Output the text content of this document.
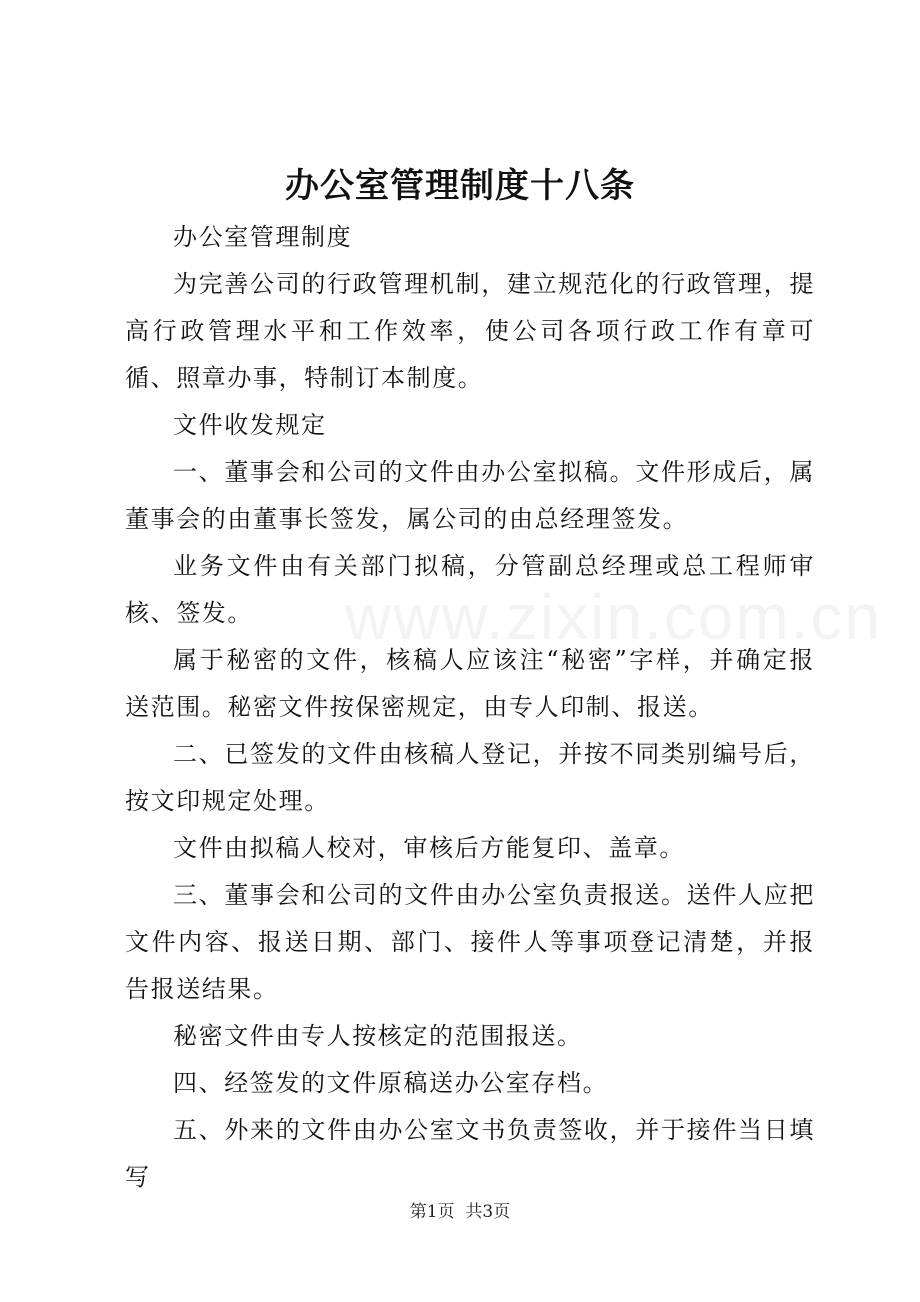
办公室管理制度十八条
www.zixin.com.cn

办公室管理制度

为完善公司的行政管理机制，建立规范化的行政管理，提高行政管理水平和工作效率，使公司各项行政工作有章可循、照章办事，特制订本制度。

文件收发规定

一、董事会和公司的文件由办公室拟稿。文件形成后，属董事会的由董事长签发，属公司的由总经理签发。

业务文件由有关部门拟稿，分管副总经理或总工程师审核、签发。

属于秘密的文件，核稿人应该注“秘密”字样，并确定报送范围。秘密文件按保密规定，由专人印制、报送。

二、已签发的文件由核稿人登记，并按不同类别编号后，按文印规定处理。

文件由拟稿人校对，审核后方能复印、盖章。

三、董事会和公司的文件由办公室负责报送。送件人应把文件内容、报送日期、部门、接件人等事项登记清楚，并报告报送结果。

秘密文件由专人按核定的范围报送。

四、经签发的文件原稿送办公室存档。

五、外来的文件由办公室文书负责签收，并于接件当日填写

第1页 共3页
